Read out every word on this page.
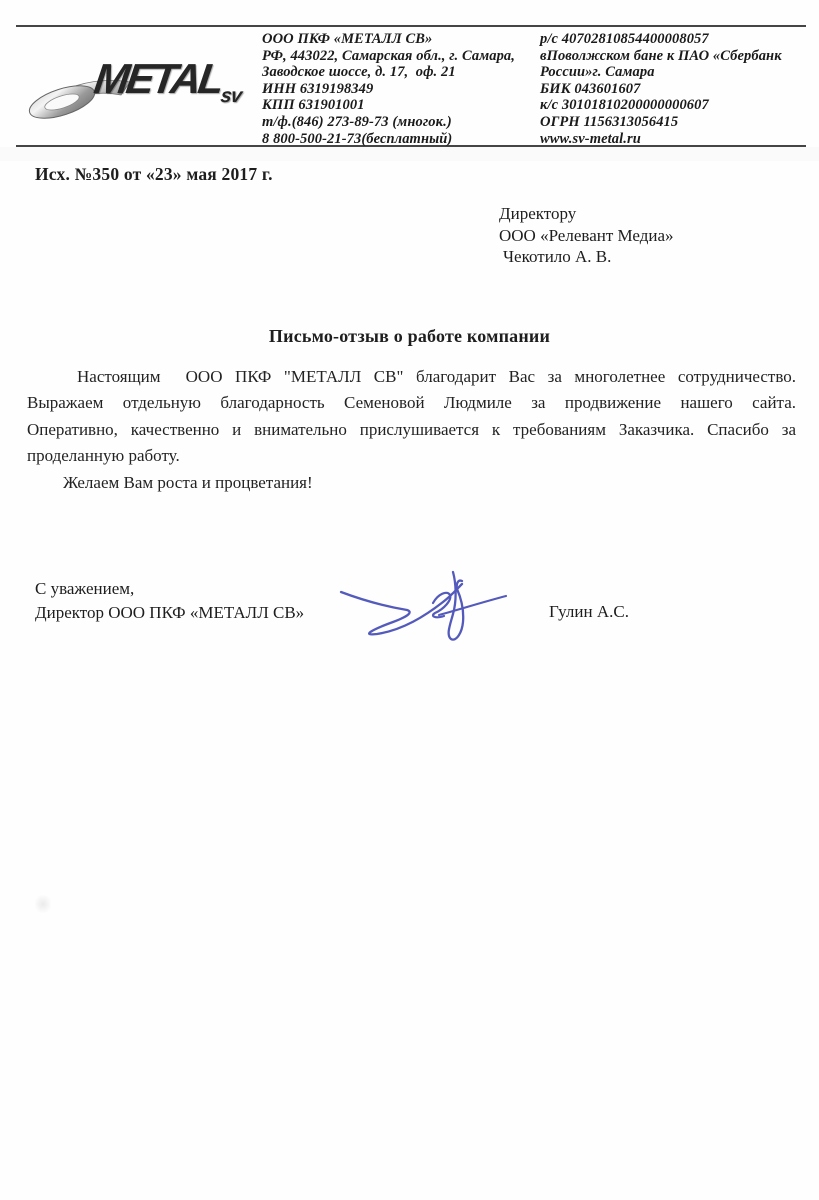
$METAL_{sv}$
ООО ПКФ «МЕТАЛЛ СВ»
РФ, 443022, Самарская обл., г. Самара,
Заводское шоссе, д. 17,  оф. 21
ИНН 6319198349
КПП 631901001
т/ф.(846) 273-89-73 (многок.)
8 800-500-21-73(бесплатный)
р/с 40702810854400008057
вПоволжском бане к ПАО «Сбербанк
России»г. Самара
БИК 043601607
к/с 30101810200000000607
ОГРН 1156313056415
www.sv-metal.ru
Исх. №350 от «23» мая 2017 г.
Директору
ООО «Релевант Медиа»
Чекотило А. В.
Письмо-отзыв о работе компании
Настоящим  ООО ПКФ "МЕТАЛЛ СВ" благодарит Вас за многолетнее сотрудничество.
Выражаем отдельную благодарность Семеновой Людмиле за продвижение нашего сайта.
Оперативно, качественно и внимательно прислушивается к требованиям Заказчика. Спасибо за
проделанную работу.
Желаем Вам роста и процветания!
С уважением,
Директор ООО ПКФ «МЕТАЛЛ СВ»	Гулин А.С.
